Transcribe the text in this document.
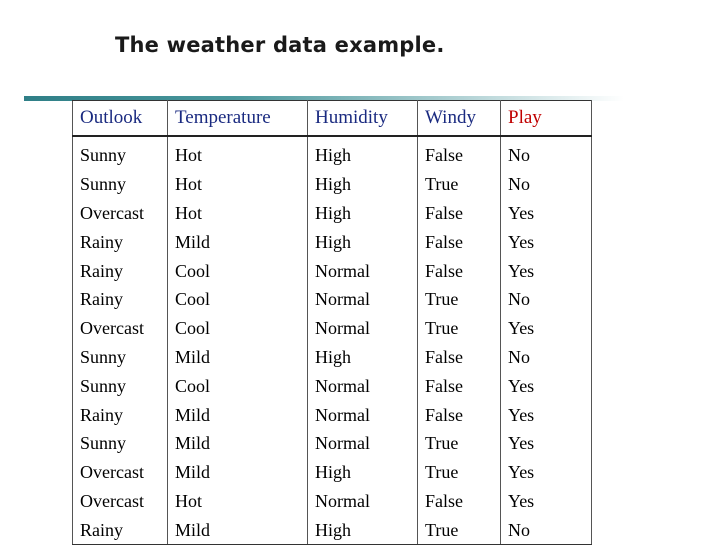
The weather data example.
Outlook	Temperature	Humidity	Windy	Play
Sunny	Hot	High	False	No
Sunny	Hot	High	True	No
Overcast	Hot	High	False	Yes
Rainy	Mild	High	False	Yes
Rainy	Cool	Normal	False	Yes
Rainy	Cool	Normal	True	No
Overcast	Cool	Normal	True	Yes
Sunny	Mild	High	False	No
Sunny	Cool	Normal	False	Yes
Rainy	Mild	Normal	False	Yes
Sunny	Mild	Normal	True	Yes
Overcast	Mild	High	True	Yes
Overcast	Hot	Normal	False	Yes
Rainy	Mild	High	True	No
